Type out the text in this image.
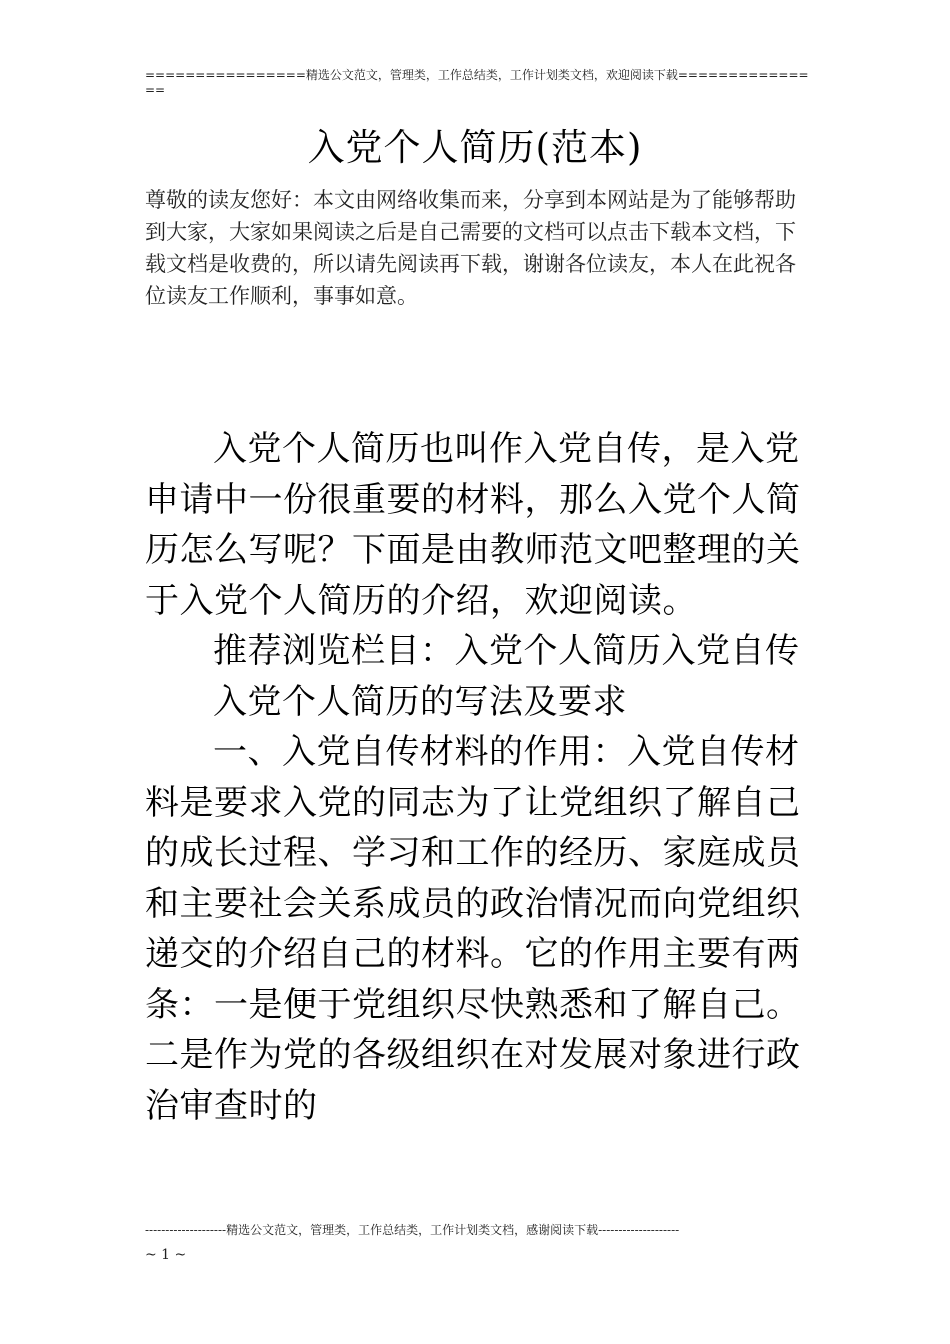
================精选公文范文，管理类，工作总结类，工作计划类文档，欢迎阅读下载===============
入党个人简历(范本)
尊敬的读友您好：本文由网络收集而来，分享到本网站是为了能够帮助到大家，大家如果阅读之后是自己需要的文档可以点击下载本文档，下载文档是收费的，所以请先阅读再下载，谢谢各位读友，本人在此祝各位读友工作顺利，事事如意。

入党个人简历也叫作入党自传，是入党申请中一份很重要的材料，那么入党个人简历怎么写呢？下面是由教师范文吧整理的关于入党个人简历的介绍，欢迎阅读。

推荐浏览栏目：入党个人简历入党自传

入党个人简历的写法及要求

一、入党自传材料的作用：入党自传材料是要求入党的同志为了让党组织了解自己的成长过程、学习和工作的经历、家庭成员和主要社会关系成员的政治情况而向党组织递交的介绍自己的材料。它的作用主要有两条：一是便于党组织尽快熟悉和了解自己。二是作为党的各级组织在对发展对象进行政治审查时的

--------------------精选公文范文，管理类，工作总结类，工作计划类文档，感谢阅读下载--------------------
~ 1 ~
